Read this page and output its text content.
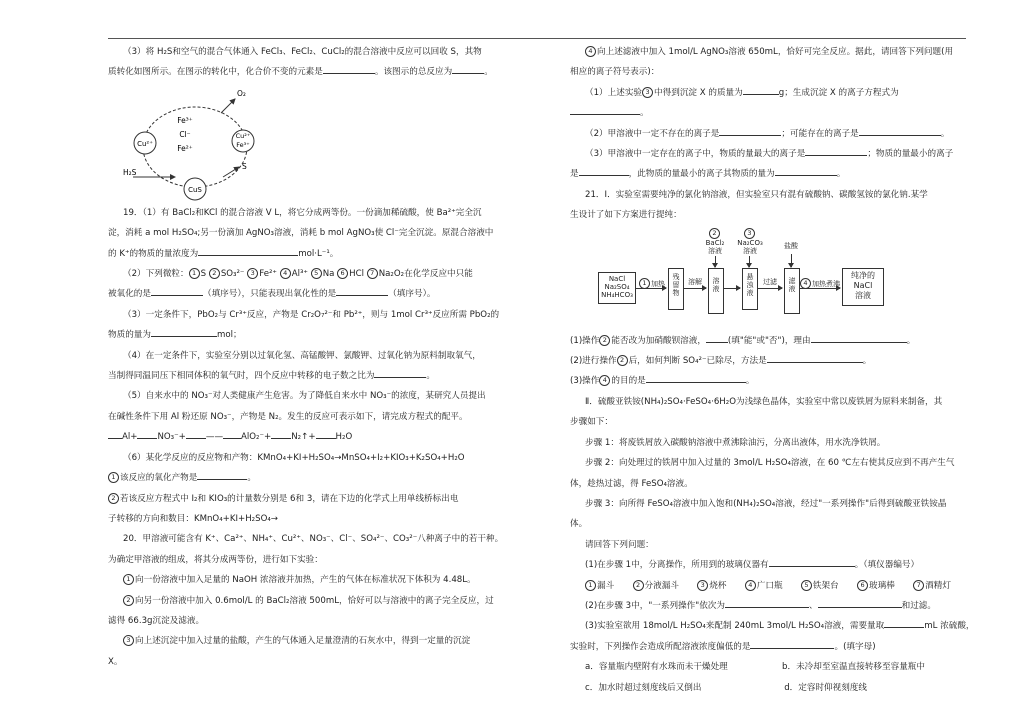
（3）将 H₂S和空气的混合气体通入 FeCl₃、FeCl₂、CuCl₂的混合溶液中反应可以回收 S，其物
质转化如图所示。在图示的转化中，化合价不变的元素是	。该图示的总反应为	。
Cu²⁺
Cu²⁺
Fe³⁺
CuS
Fe³⁺
Cl⁻
Fe²⁺
O₂
H₂S
S
19．（1）有 BaCl₂和KCl 的混合溶液 V L，将它分成两等份。一份滴加稀硫酸，使 Ba²⁺完全沉
淀，消耗 a mol H₂SO₄;另一份滴加 AgNO₃溶液，消耗 b mol AgNO₃使 Cl⁻完全沉淀。原混合溶液中
的 K⁺的物质的量浓度为	mol·L⁻¹。
（2）下列微粒： 1 S 2 SO₃²⁻ 3 Fe²⁺ 4 Al³⁺ 5 Na 6 HCl 7 Na₂O₂在化学反应中只能
被氧化的是	（填序号），只能表现出氧化性的是	（填序号）。
（3）一定条件下，PbO₂与 Cr³⁺反应，产物是 Cr₂O₇²⁻和 Pb²⁺，则与 1mol Cr³⁺反应所需 PbO₂的
物质的量为	mol；
（4）在一定条件下，实验室分别以过氧化氢、高锰酸钾、氯酸钾、过氧化钠为原料制取氧气，
当制得同温同压下相同体积的氧气时，四个反应中转移的电子数之比为	。
（5）自来水中的 NO₃⁻对人类健康产生危害。为了降低自来水中 NO₃⁻的浓度，某研究人员提出
在碱性条件下用 Al 粉还原 NO₃⁻，产物是 N₂。发生的反应可表示如下，请完成方程式的配平。
Al+ NO₃⁻+ —— AlO₂⁻+ N₂↑+ H₂O
（6）某化学反应的反应物和产物：KMnO₄+KI+H₂SO₄→MnSO₄+I₂+KIO₃+K₂SO₄+H₂O
1 该反应的氧化产物是	。
2 若该反应方程式中 I₂和 KIO₃的计量数分别是 6和 3，请在下边的化学式上用单线桥标出电
子转移的方向和数目：KMnO₄+KI+H₂SO₄→
20．甲溶液可能含有 K⁺、Ca²⁺、NH₄⁺、Cu²⁺、NO₃⁻、Cl⁻、SO₄²⁻、CO₃²⁻八种离子中的若干种。
为确定甲溶液的组成，将其分成两等份，进行如下实验：
1 向一份溶液中加入足量的 NaOH 浓溶液并加热，产生的气体在标准状况下体积为 4.48L。
2 向另一份溶液中加入 0.6mol/L 的 BaCl₂溶液 500mL，恰好可以与溶液中的离子完全反应，过
滤得 66.3g沉淀及滤液。
3 向上述沉淀中加入过量的盐酸，产生的气体通入足量澄清的石灰水中，得到一定量的沉淀
X。
4 向上述滤液中加入 1mol/L AgNO₃溶液 650mL，恰好可完全反应。据此，请回答下列问题(用
相应的离子符号表示)：
（1）上述实验 3 中得到沉淀 X 的质量为	g；生成沉淀 X 的离子方程式为
。
（2）甲溶液中一定不存在的离子是	；可能存在的离子是	。
（3）甲溶液中一定存在的离子中，物质的量最大的离子是	；物质的量最小的离子
是	，此物质的量最小的离子其物质的量为	。
21．Ⅰ．实验室需要纯净的氯化钠溶液，但实验室只有混有硫酸钠、碳酸氢铵的氯化钠.某学
生设计了如下方案进行提纯：
NaCl
Na₂SO₄
NH₄HCO₃
1 加热
残
留
物
溶解	溶
液
2
BaCl₂
溶液
悬
浊
液
3
Na₂CO₃
溶液
过滤	滤
液
盐酸
4 加热煮沸
纯净的
NaCl
溶液
(1)操作 2 能否改为加硝酸钡溶液，	(填"能"或"否")，理由	。
(2)进行操作 2 后，如何判断 SO₄²⁻已除尽，方法是	。
(3)操作 4 的目的是	。
Ⅱ．硫酸亚铁铵(NH₄)₂SO₄·FeSO₄·6H₂O为浅绿色晶体，实验室中常以废铁屑为原料来制备，其
步骤如下：
步骤 1：将废铁屑放入碳酸钠溶液中煮沸除油污，分离出液体，用水洗净铁屑。
步骤 2：向处理过的铁屑中加入过量的 3mol/L H₂SO₄溶液，在 60 ℃左右使其反应到不再产生气
体，趁热过滤，得 FeSO₄溶液。
步骤 3：向所得 FeSO₄溶液中加入饱和(NH₄)₂SO₄溶液，经过"一系列操作"后得到硫酸亚铁铵晶
体。
请回答下列问题：
(1)在步骤 1中，分离操作，所用到的玻璃仪器有	。（填仪器编号）
1 漏斗	2 分液漏斗	3 烧杯	4 广口瓶	5 铁架台	6 玻璃棒	7 酒精灯
(2)在步骤 3中，"一系列操作"依次为	、	和过滤。
(3)实验室欲用 18mol/L H₂SO₄来配制 240mL 3mol/L H₂SO₄溶液，需要量取	mL 浓硫酸，
实验时，下列操作会造成所配溶液浓度偏低的是	。(填字母)
a．容量瓶内壁附有水珠而未干燥处理	b．未冷却至室温直接转移至容量瓶中
c．加水时超过刻度线后又倒出	d．定容时仰视刻度线
